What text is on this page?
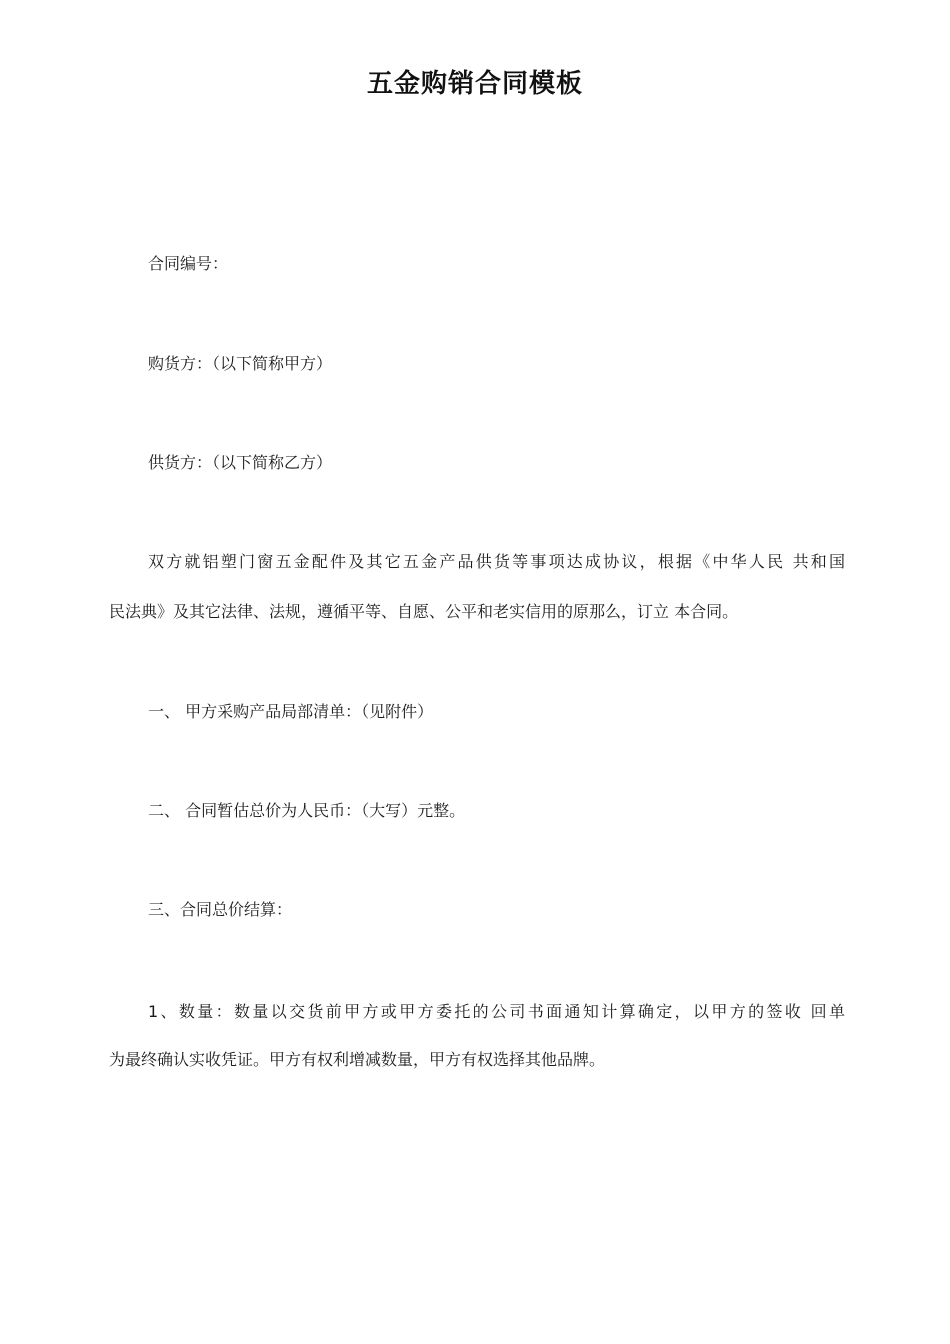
五金购销合同模板
合同编号：
购货方：（以下简称甲方）
供货方：（以下简称乙方）
双方就铝塑门窗五金配件及其它五金产品供货等事项达成协议，根据《中华人民 共和国
民法典》及其它法律、法规，遵循平等、自愿、公平和老实信用的原那么，订立 本合同。
一、 甲方采购产品局部清单：（见附件）
二、 合同暂估总价为人民币：（大写）元整。
三、合同总价结算：
1、数量：数量以交货前甲方或甲方委托的公司书面通知计算确定，以甲方的签收 回单
为最终确认实收凭证。甲方有权利增减数量，甲方有权选择其他品牌。
